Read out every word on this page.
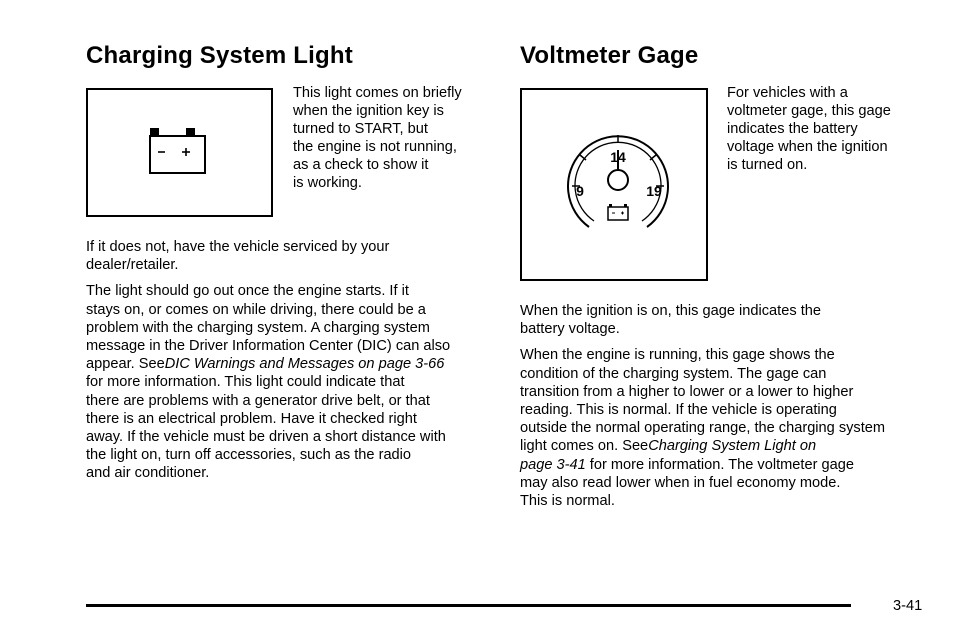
Charging System Light
This light comes on briefly
when the ignition key is
turned to START, but
the engine is not running,
as a check to show it
is working.

If it does not, have the vehicle serviced by your
dealer/retailer.

The light should go out once the engine starts. If it
stays on, or comes on while driving, there could be a
problem with the charging system. A charging system
message in the Driver Information Center (DIC) can also
appear. SeeDIC Warnings and Messages on page 3-66
for more information. This light could indicate that
there are problems with a generator drive belt, or that
there is an electrical problem. Have it checked right
away. If the vehicle must be driven a short distance with
the light on, turn off accessories, such as the radio
and air conditioner.

Voltmeter Gage
14
9	19
For vehicles with a
voltmeter gage, this gage
indicates the battery
voltage when the ignition
is turned on.

When the ignition is on, this gage indicates the
battery voltage.

When the engine is running, this gage shows the
condition of the charging system. The gage can
transition from a higher to lower or a lower to higher
reading. This is normal. If the vehicle is operating
outside the normal operating range, the charging system
light comes on. SeeCharging System Light on
page 3-41 for more information. The voltmeter gage
may also read lower when in fuel economy mode.
This is normal.

3-41
